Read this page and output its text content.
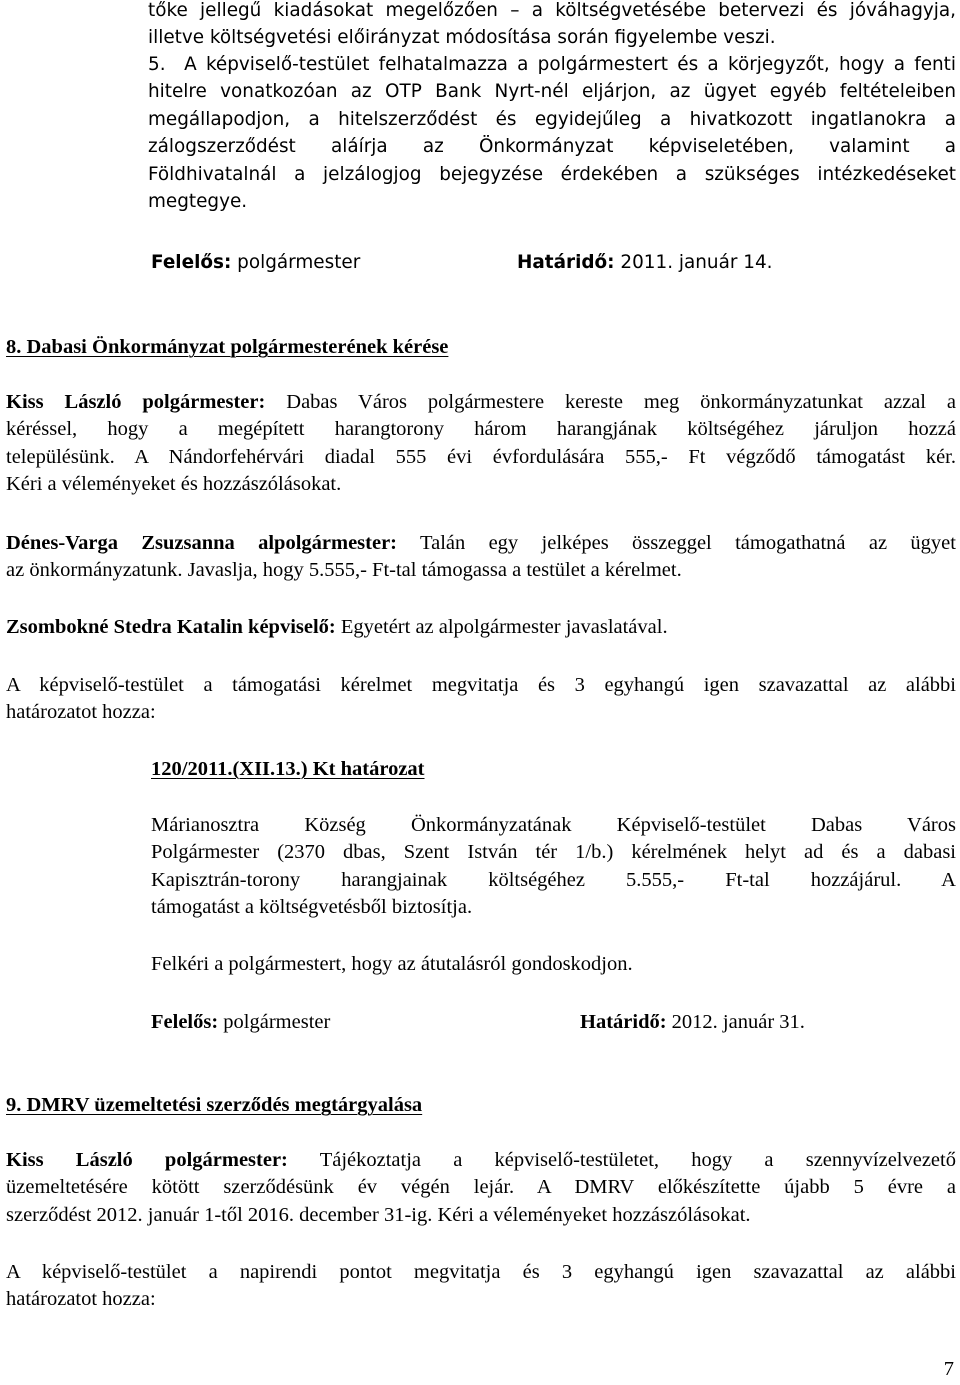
tőke jellegű kiadásokat megelőzően – a költségvetésébe betervezi és jóváhagyja,
illetve költségvetési előirányzat módosítása során figyelembe veszi.
5. A képviselő-testület felhatalmazza a polgármestert és a körjegyzőt, hogy a fenti
hitelre vonatkozóan az OTP Bank Nyrt-nél eljárjon, az ügyet egyéb feltételeiben
megállapodjon, a hitelszerződést és egyidejűleg a hivatkozott ingatlanokra a
zálogszerződést aláírja az Önkormányzat képviseletében, valamint a
Földhivatalnál a jelzálogjog bejegyzése érdekében a szükséges intézkedéseket
megtegye.
Felelős: polgármester	Határidő: 2011. január 14.
8. Dabasi Önkormányzat polgármesterének kérése
Kiss László polgármester: Dabas Város polgármestere kereste meg önkormányzatunkat azzal a
kéréssel, hogy a megépített harangtorony három harangjának költségéhez járuljon hozzá
településünk. A Nándorfehérvári diadal 555 évi évfordulására 555,- Ft végződő támogatást kér.
Kéri a véleményeket és hozzászólásokat.
Dénes-Varga Zsuzsanna alpolgármester: Talán egy jelképes összeggel támogathatná az ügyet
az önkormányzatunk. Javaslja, hogy 5.555,- Ft-tal támogassa a testület a kérelmet.
Zsombokné Stedra Katalin képviselő: Egyetért az alpolgármester javaslatával.
A képviselő-testület a támogatási kérelmet megvitatja és 3 egyhangú igen szavazattal az alábbi
határozatot hozza:
120/2011.(XII.13.) Kt határozat
Márianosztra Község Önkormányzatának Képviselő-testület Dabas Város
Polgármester (2370 dbas, Szent István tér 1/b.) kérelmének helyt ad és a dabasi
Kapisztrán-torony harangjainak költségéhez 5.555,- Ft-tal hozzájárul. A
támogatást a költségvetésből biztosítja.
Felkéri a polgármestert, hogy az átutalásról gondoskodjon.
Felelős: polgármester	Határidő: 2012. január 31.
9. DMRV üzemeltetési szerződés megtárgyalása
Kiss László polgármester: Tájékoztatja a képviselő-testületet, hogy a szennyvízelvezető
üzemeltetésére kötött szerződésünk év végén lejár. A DMRV előkészítette újabb 5 évre a
szerződést 2012. január 1-től 2016. december 31-ig. Kéri a véleményeket hozzászólásokat.
A képviselő-testület a napirendi pontot megvitatja és 3 egyhangú igen szavazattal az alábbi
határozatot hozza:
7
